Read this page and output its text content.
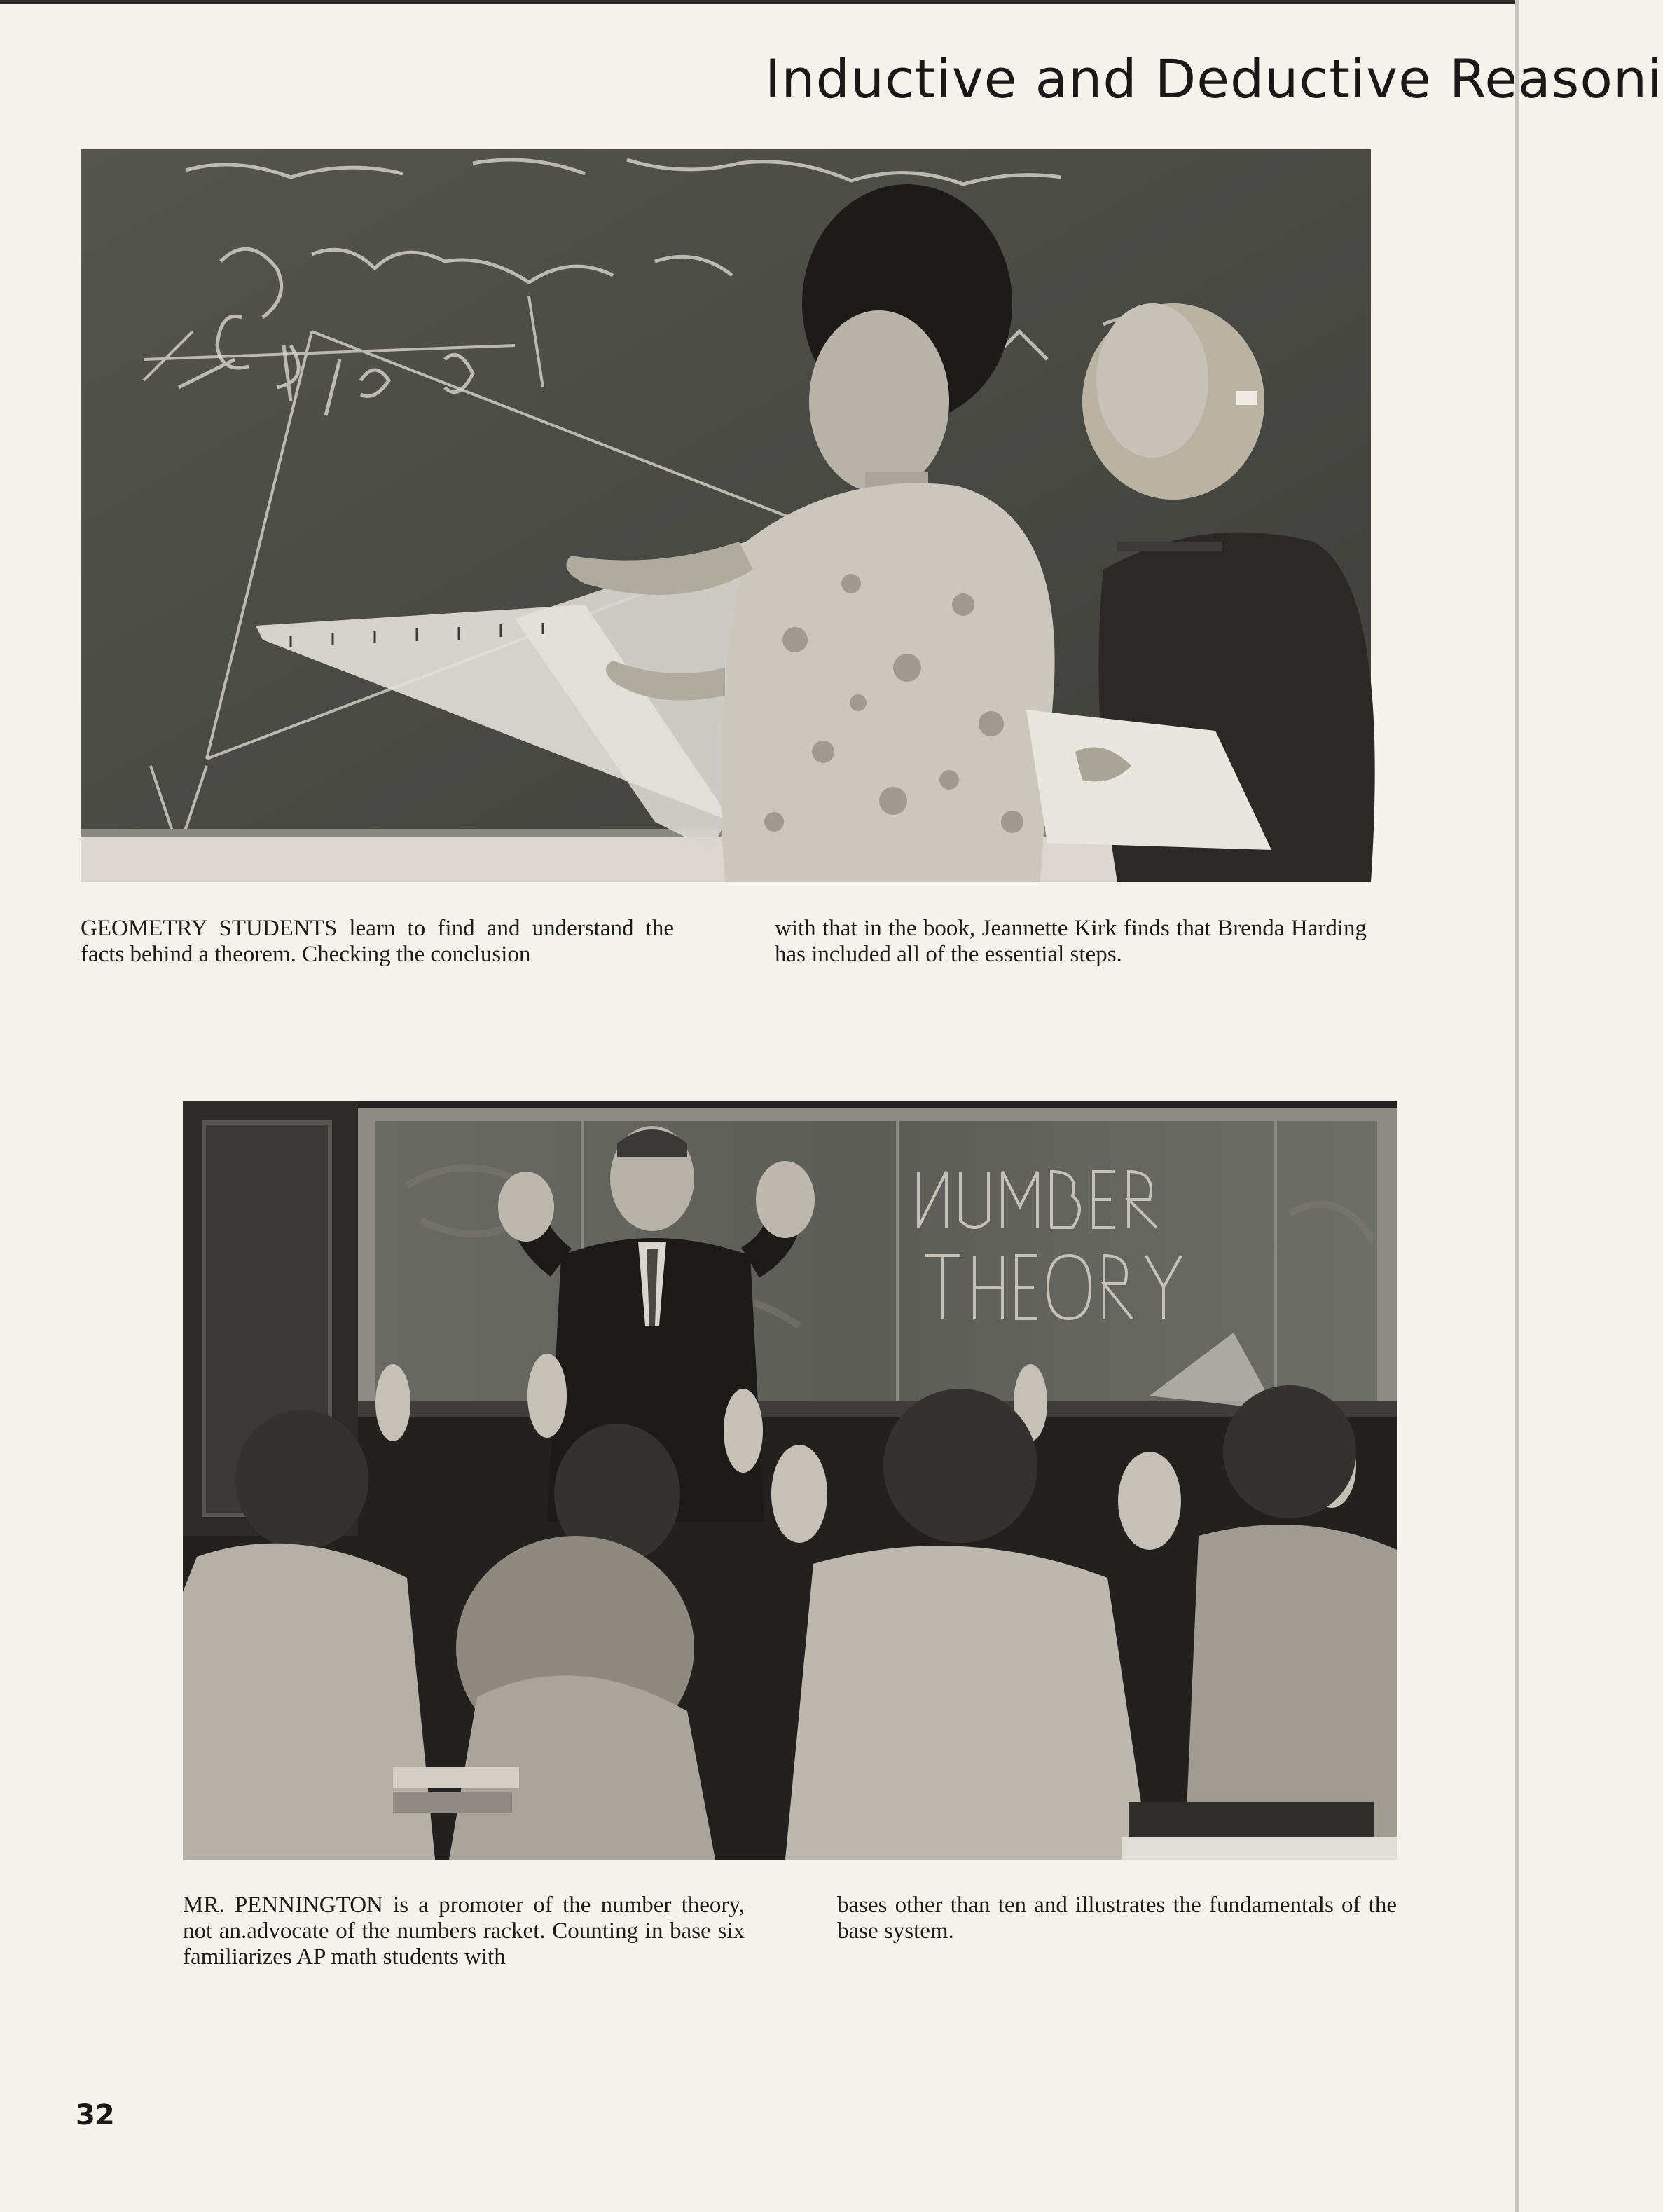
Inductive and Deductive Reasoni
GEOMETRY STUDENTS learn to find and understand the facts behind a theorem. Checking the conclusion
with that in the book, Jeannette Kirk finds that Brenda Harding has included all of the essential steps.
MR. PENNINGTON is a promoter of the number theory, not an.advocate of the numbers racket. Counting in base six familiarizes AP math students with
bases other than ten and illustrates the fundamentals of the base system.
32
